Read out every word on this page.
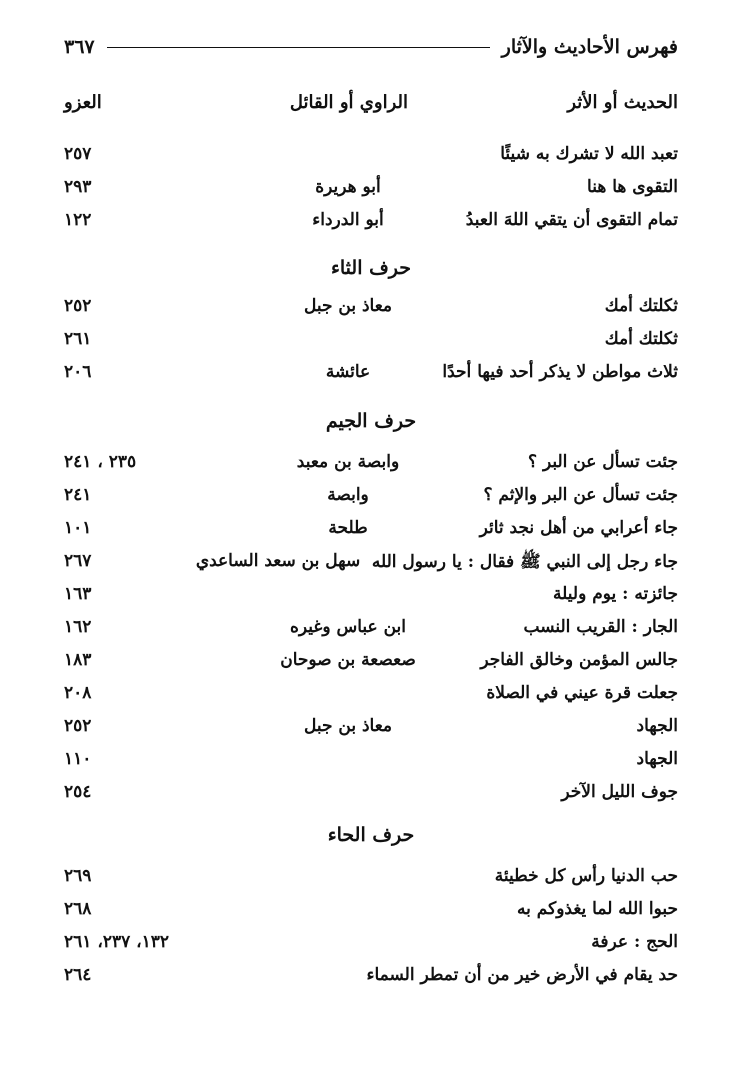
فهرس الأحاديث والآثار
٣٦٧
الحديث أو الأثر
الراوي أو القائل
العزو
تعبد الله لا تشرك به شيئًا
٢٥٧
التقوى ها هنا
أبو هريرة
٢٩٣
تمام التقوى أن يتقي اللهَ العبدُ
أبو الدرداء
١٢٢
حرف الثاء
ثكلتك أمك
معاذ بن جبل
٢٥٢
ثكلتك أمك
٢٦١
ثلاث مواطن لا يذكر أحد فيها أحدًا
عائشة
٢٠٦
حرف الجيم
جئت تسأل عن البر ؟
وابصة بن معبد
٢٣٥ ، ٢٤١
جئت تسأل عن البر والإثم ؟
وابصة
٢٤١
جاء أعرابي من أهل نجد ثائر
طلحة
١٠١
جاء رجل إلى النبي ﷺ فقال : يا رسول الله
سهل بن سعد الساعدي
٢٦٧
جائزته : يوم وليلة
١٦٣
الجار : القريب النسب
ابن عباس وغيره
١٦٢
جالس المؤمن وخالق الفاجر
صعصعة بن صوحان
١٨٣
جعلت قرة عيني في الصلاة
٢٠٨
الجهاد
معاذ بن جبل
٢٥٢
الجهاد
١١٠
جوف الليل الآخر
٢٥٤
حرف الحاء
حب الدنيا رأس كل خطيئة
٢٦٩
حبوا الله لما يغذوكم به
٢٦٨
الحج : عرفة
١٣٢، ٢٣٧، ٢٦١
حد يقام في الأرض خير من أن تمطر السماء
٢٦٤
